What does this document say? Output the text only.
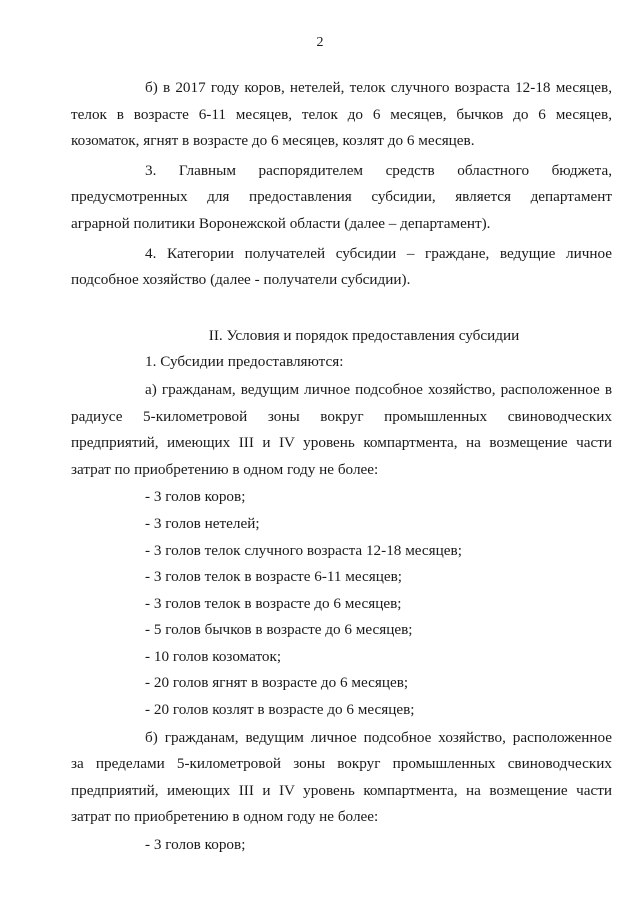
2
б) в 2017 году коров, нетелей, телок случного возраста 12-18 месяцев,
телок в возрасте 6-11 месяцев, телок до 6 месяцев, бычков до 6 месяцев,
козоматок, ягнят в возрасте до 6 месяцев, козлят до 6 месяцев.
3. Главным распорядителем средств областного бюджета,
предусмотренных для предоставления субсидии, является департамент
аграрной политики Воронежской области (далее – департамент).
4. Категории получателей субсидии – граждане, ведущие личное
подсобное хозяйство (далее - получатели субсидии).
II. Условия и порядок предоставления субсидии
1. Субсидии предоставляются:
а) гражданам, ведущим личное подсобное хозяйство, расположенное в
радиусе 5-километровой зоны вокруг промышленных свиноводческих
предприятий, имеющих III и IV уровень компартмента, на возмещение части
затрат по приобретению в одном году не более:
- 3 голов коров;
- 3 голов нетелей;
- 3 голов телок случного возраста 12-18 месяцев;
- 3 голов телок в возрасте 6-11 месяцев;
- 3 голов телок в возрасте до 6 месяцев;
- 5 голов бычков в возрасте до 6 месяцев;
- 10 голов козоматок;
- 20 голов ягнят в возрасте до 6 месяцев;
- 20 голов козлят в возрасте до 6 месяцев;
б) гражданам, ведущим личное подсобное хозяйство, расположенное
за пределами 5-километровой зоны вокруг промышленных свиноводческих
предприятий, имеющих III и IV уровень компартмента, на возмещение части
затрат по приобретению в одном году не более:
- 3 голов коров;
